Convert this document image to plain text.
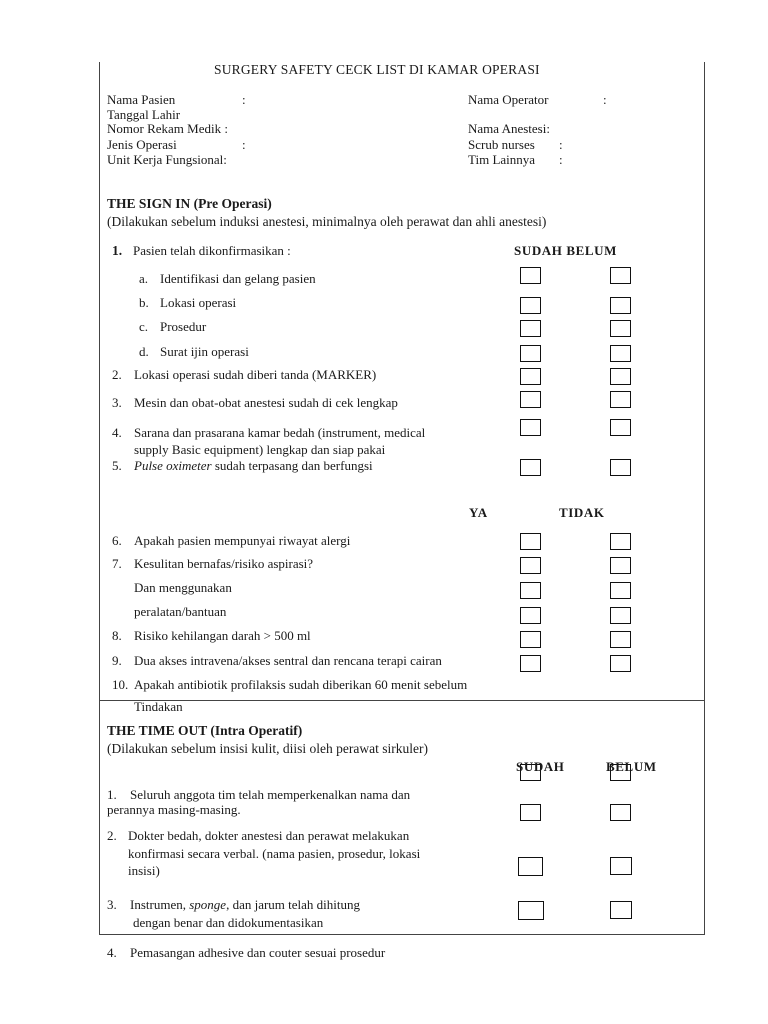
SURGERY SAFETY CECK LIST DI KAMAR OPERASI
Nama Pasien	:
Tanggal Lahir
Nomor Rekam Medik :
Jenis Operasi	:
Unit Kerja Fungsional:
Nama Operator	:
Nama Anestesi:
Scrub nurses :
Tim Lainnya :
THE SIGN IN (Pre Operasi)
(Dilakukan sebelum induksi anestesi, minimalnya oleh perawat dan ahli anestesi)
1. Pasien telah dikonfirmasikan :	SUDAH BELUM
a. Identifikasi dan gelang pasien
b. Lokasi operasi
c. Prosedur
d. Surat ijin operasi
2. Lokasi operasi sudah diberi tanda (MARKER)
3. Mesin dan obat-obat anestesi sudah di cek lengkap
4. Sarana dan prasarana kamar bedah (instrument, medical
supply Basic equipment) lengkap dan siap pakai
5. Pulse oximeter sudah terpasang dan berfungsi
YA	TIDAK
6. Apakah pasien mempunyai riwayat alergi
7. Kesulitan bernafas/risiko aspirasi?
Dan menggunakan
peralatan/bantuan
8. Risiko kehilangan darah > 500 ml
9. Dua akses intravena/akses sentral dan rencana terapi cairan
10. Apakah antibiotik profilaksis sudah diberikan 60 menit sebelum
Tindakan
THE TIME OUT (Intra Operatif)
(Dilakukan sebelum insisi kulit, diisi oleh perawat sirkuler)
SUDAH	BELUM
1. Seluruh anggota tim telah memperkenalkan nama dan
perannya masing-masing.
2. Dokter bedah, dokter anestesi dan perawat melakukan
konfirmasi secara verbal. (nama pasien, prosedur, lokasi
insisi)
3. Instrumen, sponge, dan jarum telah dihitung
dengan benar dan didokumentasikan
4. Pemasangan adhesive dan couter sesuai prosedur
